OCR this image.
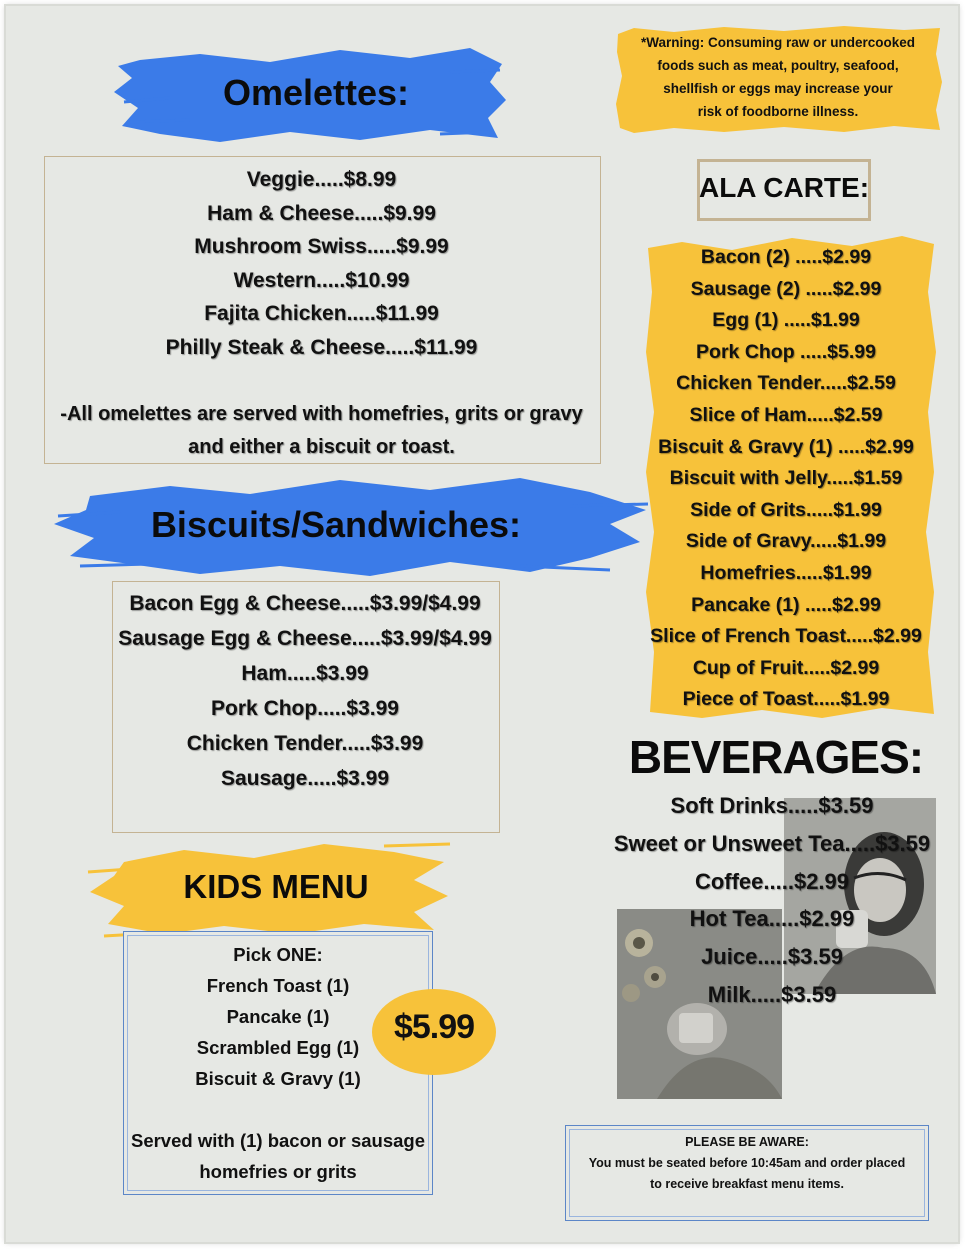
*Warning: Consuming raw or undercooked
foods such as meat, poultry, seafood,
shellfish or eggs may increase your
risk of foodborne illness.
Omelettes:
Veggie.....$8.99
Ham & Cheese.....$9.99
Mushroom Swiss.....$9.99
Western.....$10.99
Fajita Chicken.....$11.99
Philly Steak & Cheese.....$11.99
-All omelettes are served with homefries, grits or gravy
and either a biscuit or toast.
Biscuits/Sandwiches:
Bacon Egg & Cheese.....$3.99/$4.99
Sausage Egg & Cheese.....$3.99/$4.99
Ham.....$3.99
Pork Chop.....$3.99
Chicken Tender.....$3.99
Sausage.....$3.99
KIDS MENU
Pick ONE:
French Toast (1)
Pancake (1)
Scrambled Egg (1)
Biscuit & Gravy (1)
Served with (1) bacon or sausage
homefries or grits
$5.99
ALA CARTE:
Bacon (2) .....$2.99
Sausage (2) .....$2.99
Egg (1) .....$1.99
Pork Chop .....$5.99
Chicken Tender.....$2.59
Slice of Ham.....$2.59
Biscuit & Gravy (1) .....$2.99
Biscuit with Jelly.....$1.59
Side of Grits.....$1.99
Side of Gravy.....$1.99
Homefries.....$1.99
Pancake (1) .....$2.99
Slice of French Toast.....$2.99
Cup of Fruit.....$2.99
Piece of Toast.....$1.99
BEVERAGES:
Soft Drinks.....$3.59
Sweet or Unsweet Tea.....$3.59
Coffee.....$2.99
Hot Tea.....$2.99
Juice.....$3.59
Milk.....$3.59
PLEASE BE AWARE:
You must be seated before 10:45am and order placed
to receive breakfast menu items.
